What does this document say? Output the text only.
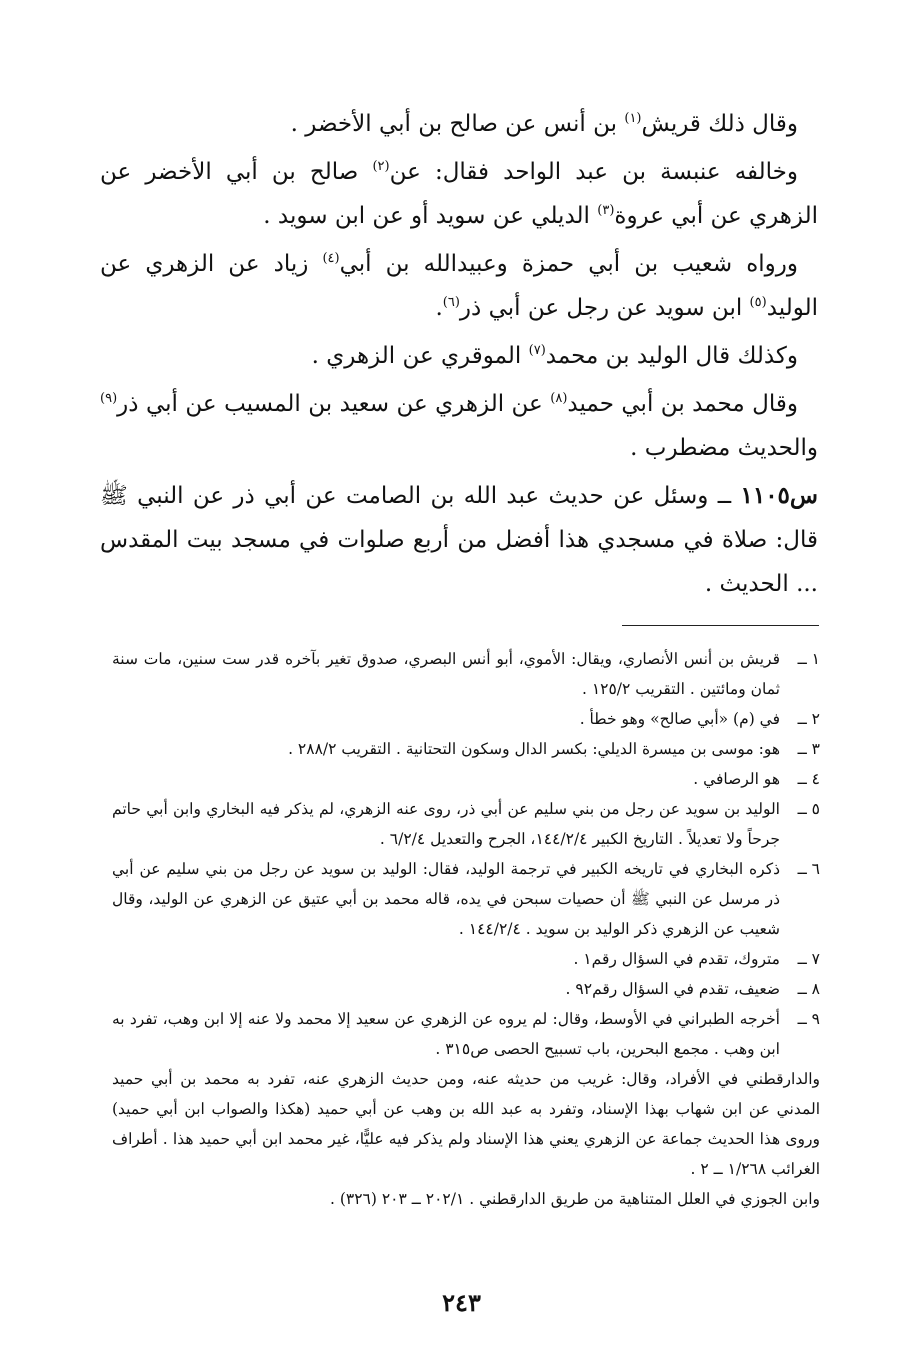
وقال ذلك قريش$^{(١)}$ بن أنس عن صالح بن أبي الأخضر .

وخالفه عنبسة بن عبد الواحد فقال: عن$^{(٢)}$ صالح بن أبي الأخضر عن الزهري عن أبي عروة$^{(٣)}$ الديلي عن سويد أو عن ابن سويد .

ورواه شعيب بن أبي حمزة وعبيدالله بن أبي$^{(٤)}$ زياد عن الزهري عن الوليد$^{(٥)}$ ابن سويد عن رجل عن أبي ذر$^{(٦)}$.

وكذلك قال الوليد بن محمد$^{(٧)}$ الموقري عن الزهري .

وقال محمد بن أبي حميد$^{(٨)}$ عن الزهري عن سعيد بن المسيب عن أبي ذر$^{(٩)}$ والحديث مضطرب .

س١١٠٥ ــ وسئل عن حديث عبد الله بن الصامت عن أبي ذر عن النبي ﷺ قال: صلاة في مسجدي هذا أفضل من أربع صلوات في مسجد بيت المقدس ... الحديث .

١ ــ
قريش بن أنس الأنصاري، ويقال: الأموي، أبو أنس البصري، صدوق تغير بآخره قدر ست سنين، مات سنة ثمان ومائتين . التقريب ١٢٥/٢ .
٢ ــ
في (م) «أبي صالح» وهو خطأ .
٣ ــ
هو: موسى بن ميسرة الديلي: بكسر الدال وسكون التحتانية . التقريب ٢٨٨/٢ .
٤ ــ
هو الرصافي .
٥ ــ
الوليد بن سويد عن رجل من بني سليم عن أبي ذر، روى عنه الزهري، لم يذكر فيه البخاري وابن أبي حاتم جرحاً ولا تعديلاً . التاريخ الكبير ١٤٤/٢/٤، الجرح والتعديل ٦/٢/٤ .
٦ ــ
ذكره البخاري في تاريخه الكبير في ترجمة الوليد، فقال: الوليد بن سويد عن رجل من بني سليم عن أبي ذر مرسل عن النبي ﷺ أن حصيات سبحن في يده، قاله محمد بن أبي عتيق عن الزهري عن الوليد، وقال شعيب عن الزهري ذكر الوليد بن سويد . ١٤٤/٢/٤ .
٧ ــ
متروك، تقدم في السؤال رقم١ .
٨ ــ
ضعيف، تقدم في السؤال رقم٩٢ .
٩ ــ
أخرجه الطبراني في الأوسط، وقال: لم يروه عن الزهري عن سعيد إلا محمد ولا عنه إلا ابن وهب، تفرد به ابن وهب . مجمع البحرين، باب تسبيح الحصى ص٣١٥ .
والدارقطني في الأفراد، وقال: غريب من حديثه عنه، ومن حديث الزهري عنه، تفرد به محمد بن أبي حميد المدني عن ابن شهاب بهذا الإسناد، وتفرد به عبد الله بن وهب عن أبي حميد (هكذا والصواب ابن أبي حميد) وروى هذا الحديث جماعة عن الزهري يعني هذا الإسناد ولم يذكر فيه عليًّا، غير محمد ابن أبي حميد هذا . أطراف الغرائب ١/٢٦٨ ــ ٢ .
وابن الجوزي في العلل المتناهية من طريق الدارقطني . ٢٠٢/١ ــ ٢٠٣ (٣٢٦) .
٢٤٣
